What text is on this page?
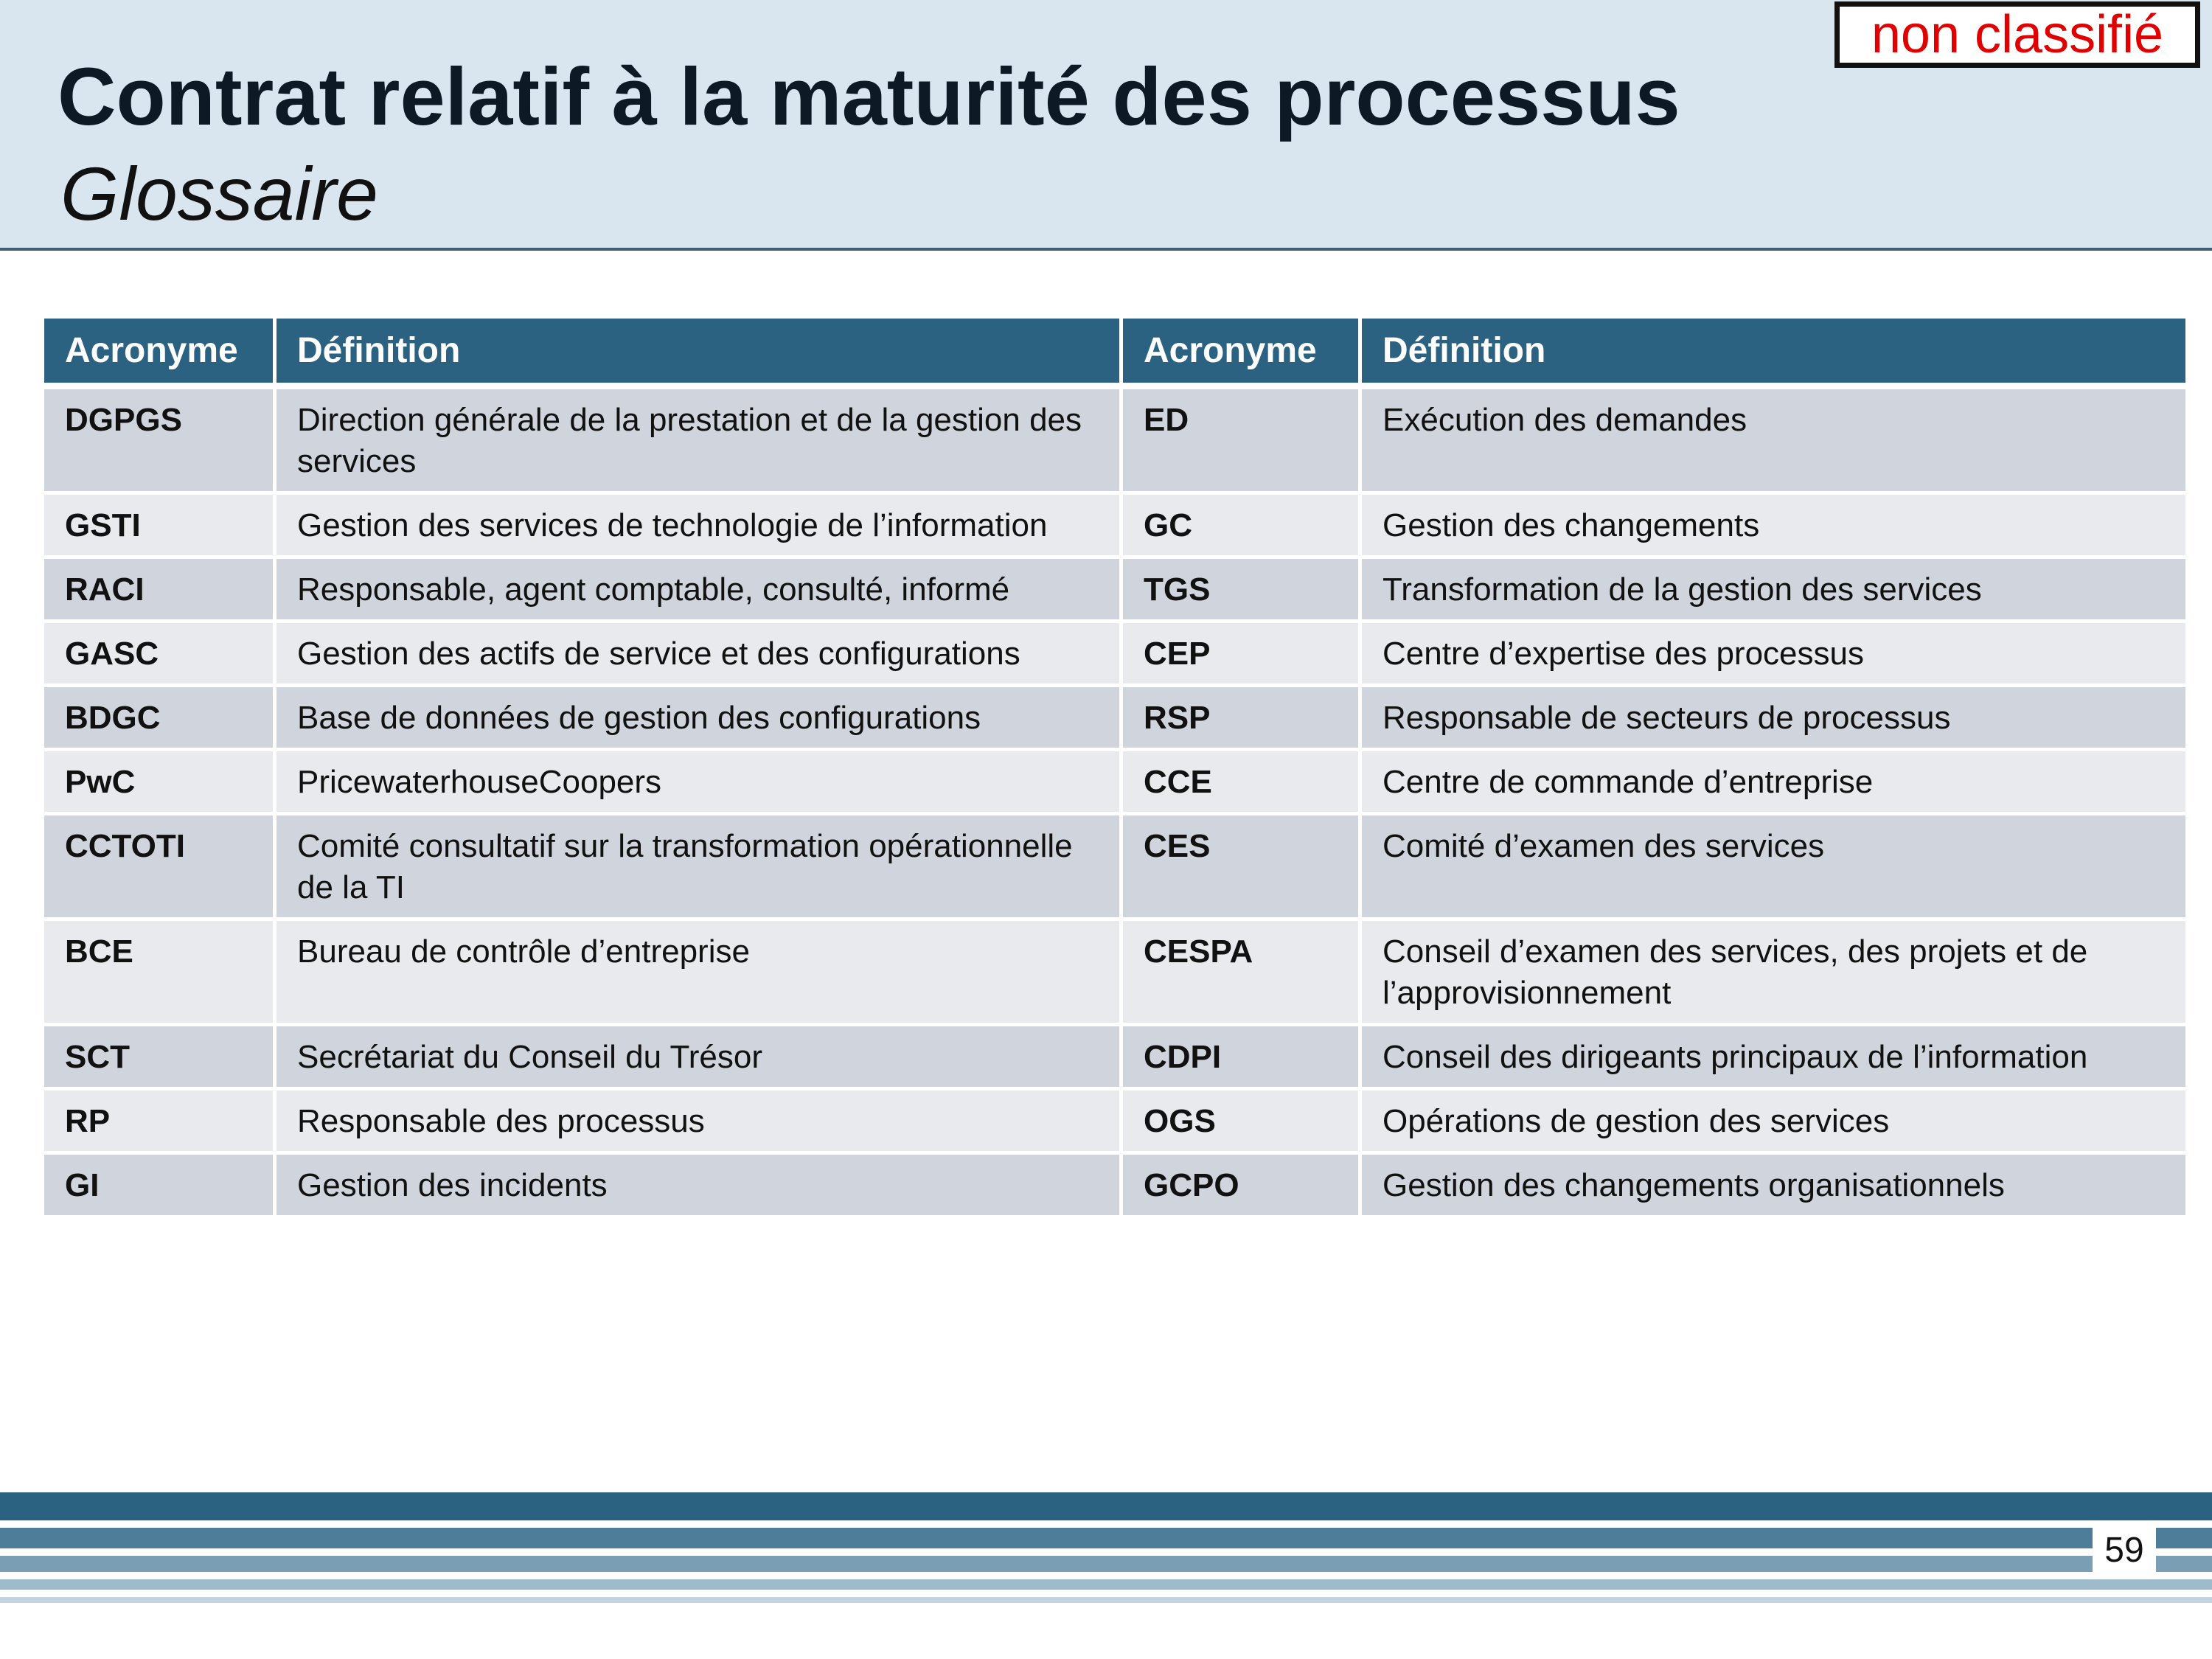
Contrat relatif à la maturité des processus
Glossaire
non classifié
Acronyme	Définition	Acronyme	Définition
DGPGS	Direction générale de la prestation et de la gestion des services	ED	Exécution des demandes
GSTI	Gestion des services de technologie de l’information	GC	Gestion des changements
RACI	Responsable, agent comptable, consulté, informé	TGS	Transformation de la gestion des services
GASC	Gestion des actifs de service et des configurations	CEP	Centre d’expertise des processus
BDGC	Base de données de gestion des configurations	RSP	Responsable de secteurs de processus
PwC	PricewaterhouseCoopers	CCE	Centre de commande d’entreprise
CCTOTI	Comité consultatif sur la transformation opérationnelle de la TI	CES	Comité d’examen des services
BCE	Bureau de contrôle d’entreprise	CESPA	Conseil d’examen des services, des projets et de l’approvisionnement
SCT	Secrétariat du Conseil du Trésor	CDPI	Conseil des dirigeants principaux de l’information
RP	Responsable des processus	OGS	Opérations de gestion des services
GI	Gestion des incidents	GCPO	Gestion des changements organisationnels
59
